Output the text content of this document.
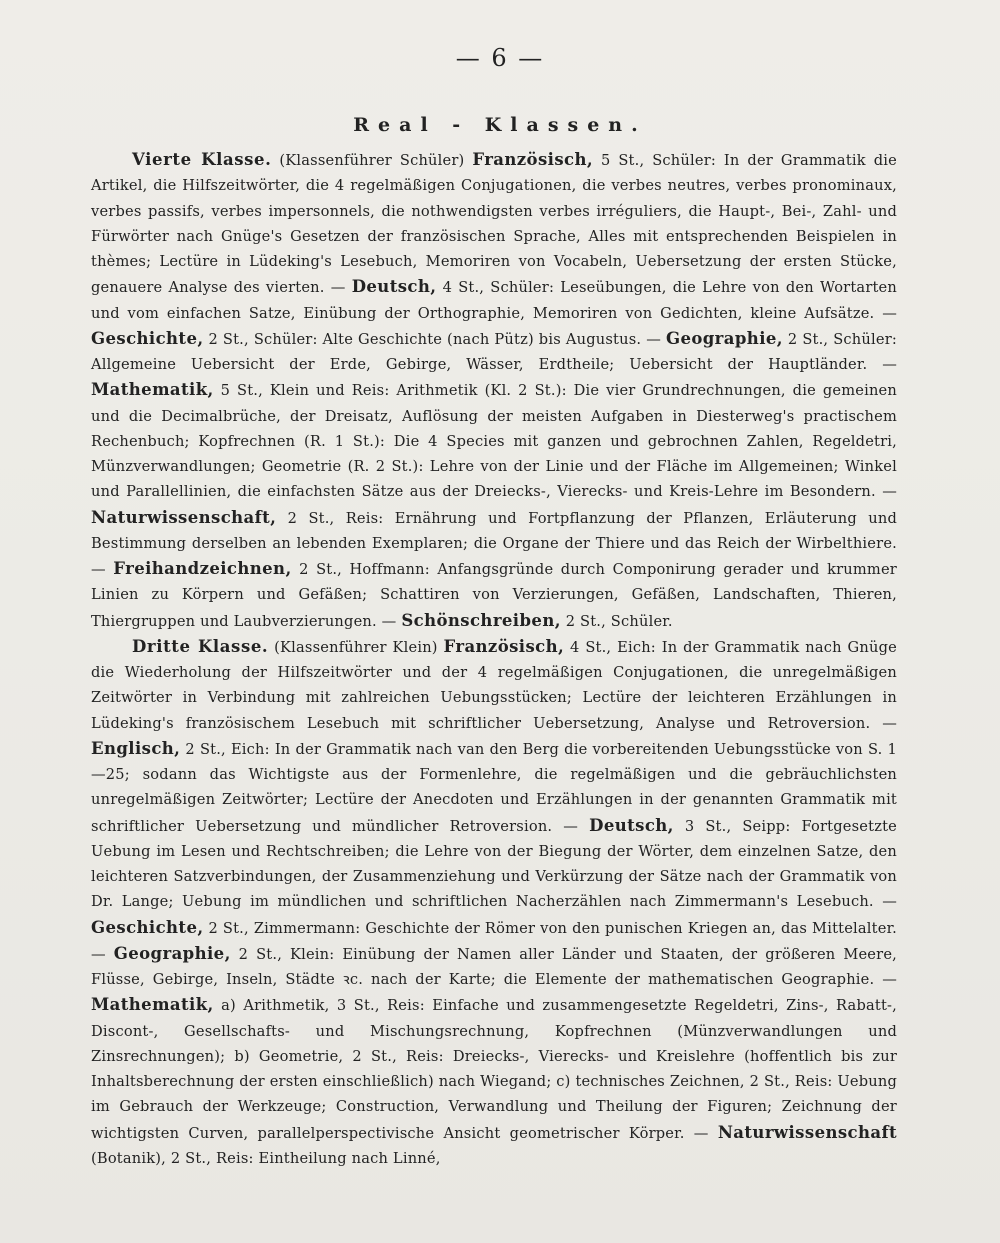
— 6 —
Real - Klassen.

Vierte Klasse. (Klassenführer Schüler) Französisch, 5 St., Schüler: In der Grammatik die Artikel, die Hilfszeitwörter, die 4 regelmäßigen Conjugationen, die verbes neutres, verbes pronominaux, verbes passifs, verbes impersonnels, die nothwendigsten verbes irréguliers, die Haupt-, Bei-, Zahl- und Fürwörter nach Gnüge's Gesetzen der französischen Sprache, Alles mit entsprechenden Beispielen in thèmes; Lectüre in Lüdeking's Lesebuch, Memoriren von Vocabeln, Uebersetzung der ersten Stücke, genauere Analyse des vierten. — Deutsch, 4 St., Schüler: Leseübungen, die Lehre von den Wortarten und vom einfachen Satze, Einübung der Orthographie, Memoriren von Gedichten, kleine Aufsätze. — Geschichte, 2 St., Schüler: Alte Geschichte (nach Pütz) bis Augustus. — Geographie, 2 St., Schüler: Allgemeine Uebersicht der Erde, Gebirge, Wässer, Erdtheile; Uebersicht der Hauptländer. — Mathematik, 5 St., Klein und Reis: Arithmetik (Kl. 2 St.): Die vier Grundrechnungen, die gemeinen und die Decimalbrüche, der Dreisatz, Auflösung der meisten Aufgaben in Diesterweg's practischem Rechenbuch; Kopfrechnen (R. 1 St.): Die 4 Species mit ganzen und gebrochnen Zahlen, Regeldetri, Münzverwandlungen; Geometrie (R. 2 St.): Lehre von der Linie und der Fläche im Allgemeinen; Winkel und Parallellinien, die einfachsten Sätze aus der Dreiecks-, Vierecks- und Kreis-Lehre im Besondern. — Naturwissenschaft, 2 St., Reis: Ernährung und Fortpflanzung der Pflanzen, Erläuterung und Bestimmung derselben an lebenden Exemplaren; die Organe der Thiere und das Reich der Wirbelthiere. — Freihandzeichnen, 2 St., Hoffmann: Anfangsgründe durch Componirung gerader und krummer Linien zu Körpern und Gefäßen; Schattiren von Verzierungen, Gefäßen, Landschaften, Thieren, Thiergruppen und Laubverzierungen. — Schönschreiben, 2 St., Schüler.

Dritte Klasse. (Klassenführer Klein) Französisch, 4 St., Eich: In der Grammatik nach Gnüge die Wiederholung der Hilfszeitwörter und der 4 regelmäßigen Conjugationen, die unregelmäßigen Zeitwörter in Verbindung mit zahlreichen Uebungsstücken; Lectüre der leichteren Erzählungen in Lüdeking's französischem Lesebuch mit schriftlicher Uebersetzung, Analyse und Retroversion. — Englisch, 2 St., Eich: In der Grammatik nach van den Berg die vorbereitenden Uebungsstücke von S. 1—25; sodann das Wichtigste aus der Formenlehre, die regelmäßigen und die gebräuchlichsten unregelmäßigen Zeitwörter; Lectüre der Anecdoten und Erzählungen in der genannten Grammatik mit schriftlicher Uebersetzung und mündlicher Retroversion. — Deutsch, 3 St., Seipp: Fortgesetzte Uebung im Lesen und Rechtschreiben; die Lehre von der Biegung der Wörter, dem einzelnen Satze, den leichteren Satzverbindungen, der Zusammenziehung und Verkürzung der Sätze nach der Grammatik von Dr. Lange; Uebung im mündlichen und schriftlichen Nacherzählen nach Zimmermann's Lesebuch. — Geschichte, 2 St., Zimmermann: Geschichte der Römer von den punischen Kriegen an, das Mittelalter. — Geographie, 2 St., Klein: Einübung der Namen aller Länder und Staaten, der größeren Meere, Flüsse, Gebirge, Inseln, Städte ꝛc. nach der Karte; die Elemente der mathematischen Geographie. — Mathematik, a) Arithmetik, 3 St., Reis: Einfache und zusammengesetzte Regeldetri, Zins-, Rabatt-, Discont-, Gesellschafts- und Mischungsrechnung, Kopfrechnen (Münzverwandlungen und Zinsrechnungen); b) Geometrie, 2 St., Reis: Dreiecks-, Vierecks- und Kreislehre (hoffentlich bis zur Inhaltsberechnung der ersten einschließlich) nach Wiegand; c) technisches Zeichnen, 2 St., Reis: Uebung im Gebrauch der Werkzeuge; Construction, Verwandlung und Theilung der Figuren; Zeichnung der wichtigsten Curven, parallelperspectivische Ansicht geometrischer Körper. — Naturwissenschaft (Botanik), 2 St., Reis: Eintheilung nach Linné,
